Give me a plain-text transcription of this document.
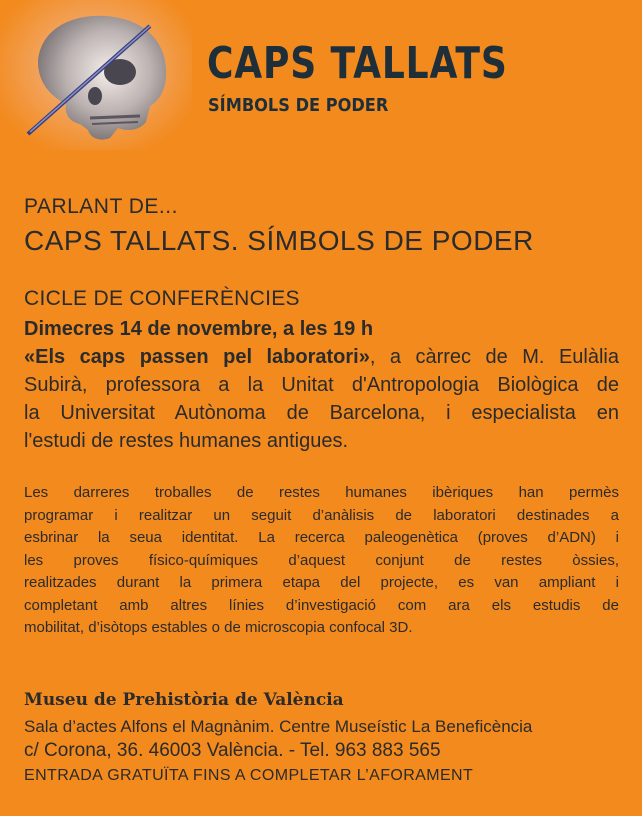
CAPS TALLATS
SÍMBOLS DE PODER
PARLANT DE...
CAPS TALLATS. SÍMBOLS DE PODER
CICLE DE CONFERÈNCIES
Dimecres 14 de novembre, a les 19 h
«Els caps passen pel laboratori», a càrrec de M. Eulàlia
Subirà, professora a la Unitat d'Antropologia Biològica de
la Universitat Autònoma de Barcelona, i especialista en
l'estudi de restes humanes antigues.
Les darreres troballes de restes humanes ibèriques han permès
programar i realitzar un seguit d’anàlisis de laboratori destinades a
esbrinar la seua identitat. La recerca paleogenètica (proves d’ADN) i
les proves físico-químiques d’aquest conjunt de restes òssies,
realitzades durant la primera etapa del projecte, es van ampliant i
completant amb altres línies d’investigació com ara els estudis de
mobilitat, d’isòtops estables o de microscopia confocal 3D.
Museu de Prehistòria de València
Sala d’actes Alfons el Magnànim. Centre Museístic La Beneficència
c/ Corona, 36. 46003 València. - Tel. 963 883 565
ENTRADA GRATUÏTA FINS A COMPLETAR L’AFORAMENT
